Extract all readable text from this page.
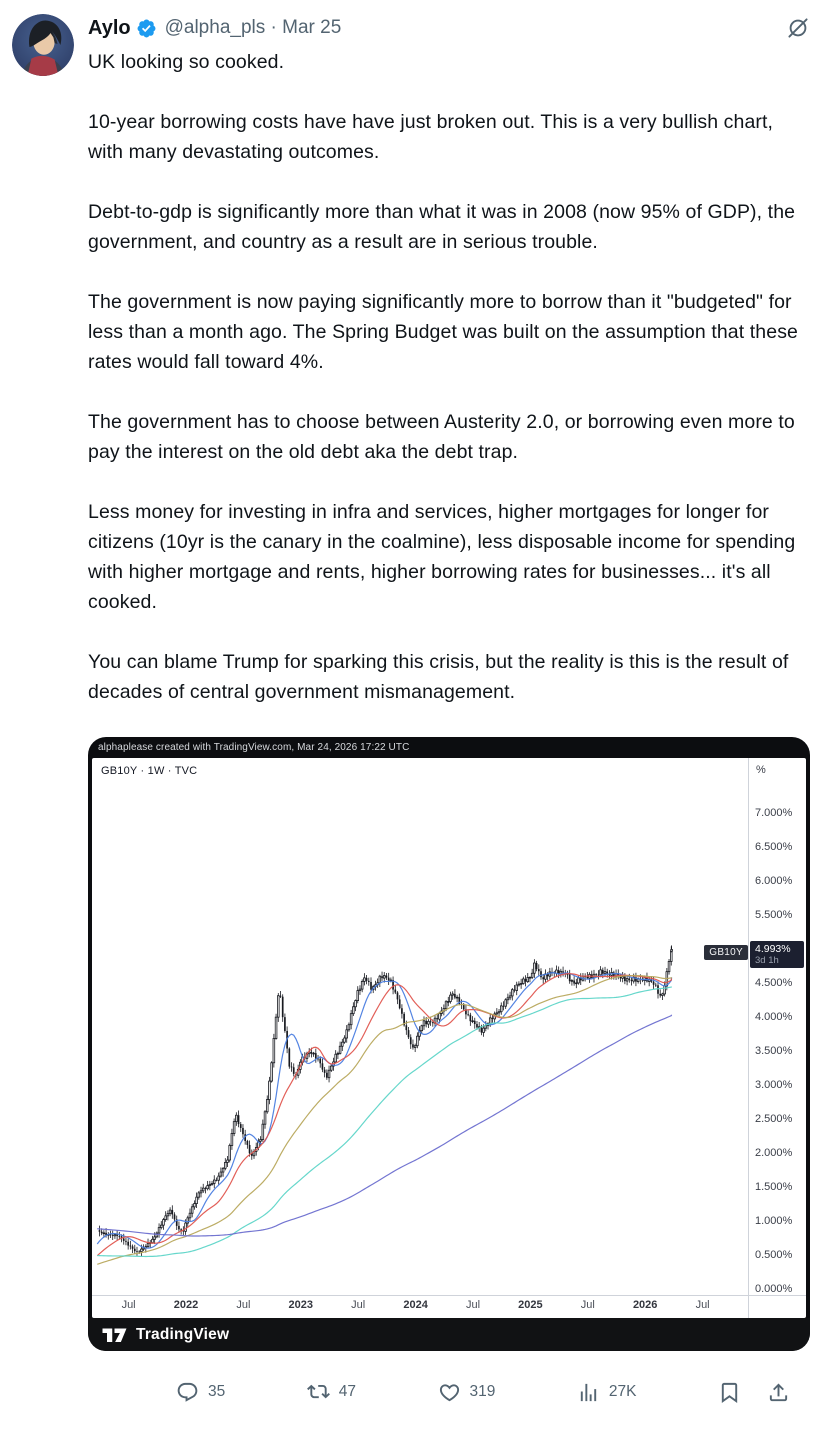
Aylo @alpha_pls · Mar 25

UK looking so cooked.

10-year borrowing costs have have just broken out. This is a very bullish chart, with many devastating outcomes.

Debt-to-gdp is significantly more than what it was in 2008 (now 95% of GDP), the government, and country as a result are in serious trouble.

The government is now paying significantly more to borrow than it "budgeted" for less than a month ago. The Spring Budget was built on the assumption that these rates would fall toward 4%.

The government has to choose between Austerity 2.0, or borrowing even more to pay the interest on the old debt aka the debt trap.

Less money for investing in infra and services, higher mortgages for longer for citizens (10yr is the canary in the coalmine), less disposable income for spending with higher mortgage and rents, higher borrowing rates for businesses... it's all cooked.

You can blame Trump for sparking this crisis, but the reality is this is the result of decades of central government mismanagement.

alphaplease created with TradingView.com, Mar 24, 2026 17:22 UTC
GB10Y · 1W · TVC	%
7.000%
6.500%
6.000%
5.500%
4.500%
4.000%
3.500%
3.000%
2.500%
2.000%
1.500%
1.000%
0.500%
0.000%
Jul	2022	Jul	2023	Jul	2024	Jul	2025	Jul	2026	Jul
GB10Y	4.993%
3d 1h
TradingView
35	47	319	27K
